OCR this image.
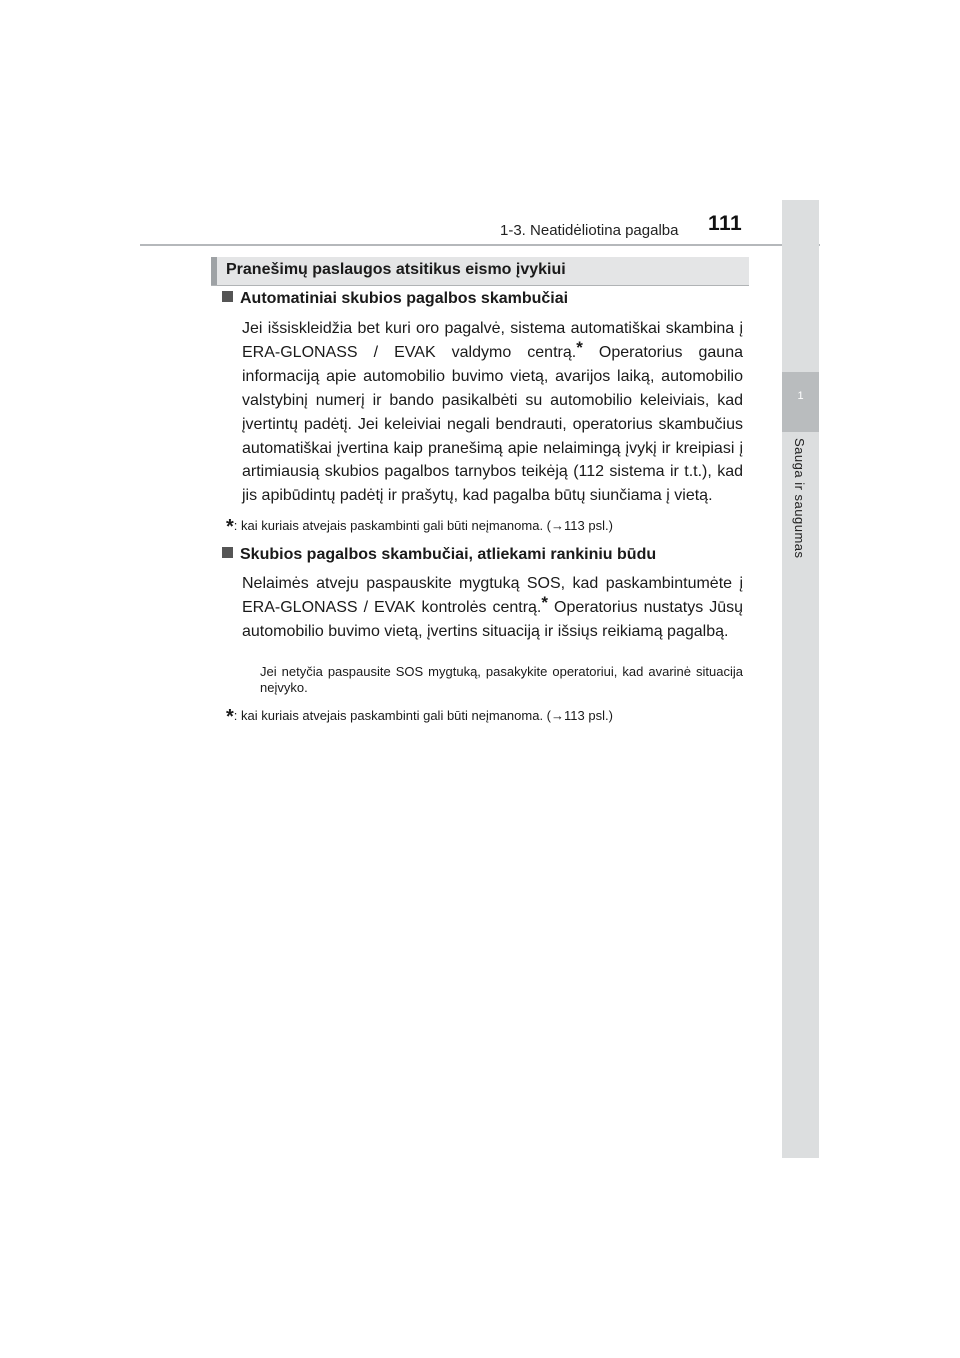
1-3. Neatidėliotina pagalba 111
1
Sauga ir saugumas
Pranešimų paslaugos atsitikus eismo įvykiui
Automatiniai skubios pagalbos skambučiai
Jei išsiskleidžia bet kuri oro pagalvė, sistema automatiškai skambina į ERA-GLONASS / EVAK valdymo centrą.* Operatorius gauna informaciją apie automobilio buvimo vietą, avarijos laiką, automobilio valstybinį numerį ir bando pasikalbėti su automobilio keleiviais, kad įvertintų padėtį. Jei keleiviai negali bendrauti, operatorius skambučius automatiškai įvertina kaip pranešimą apie nelaimingą įvykį ir kreipiasi į artimiausią skubios pagalbos tarnybos teikėją (112 sistema ir t.t.), kad jis apibūdintų padėtį ir prašytų, kad pagalba būtų siunčiama į vietą.
*: kai kuriais atvejais paskambinti gali būti neįmanoma. (→113 psl.)
Skubios pagalbos skambučiai, atliekami rankiniu būdu
Nelaimės atveju paspauskite mygtuką SOS, kad paskambintumėte į ERA-GLONASS / EVAK kontrolės centrą.* Operatorius nustatys Jūsų automobilio buvimo vietą, įvertins situaciją ir išsiųs reikiamą pagalbą.
Jei netyčia paspausite SOS mygtuką, pasakykite operatoriui, kad avarinė situacija neįvyko.
*: kai kuriais atvejais paskambinti gali būti neįmanoma. (→113 psl.)
